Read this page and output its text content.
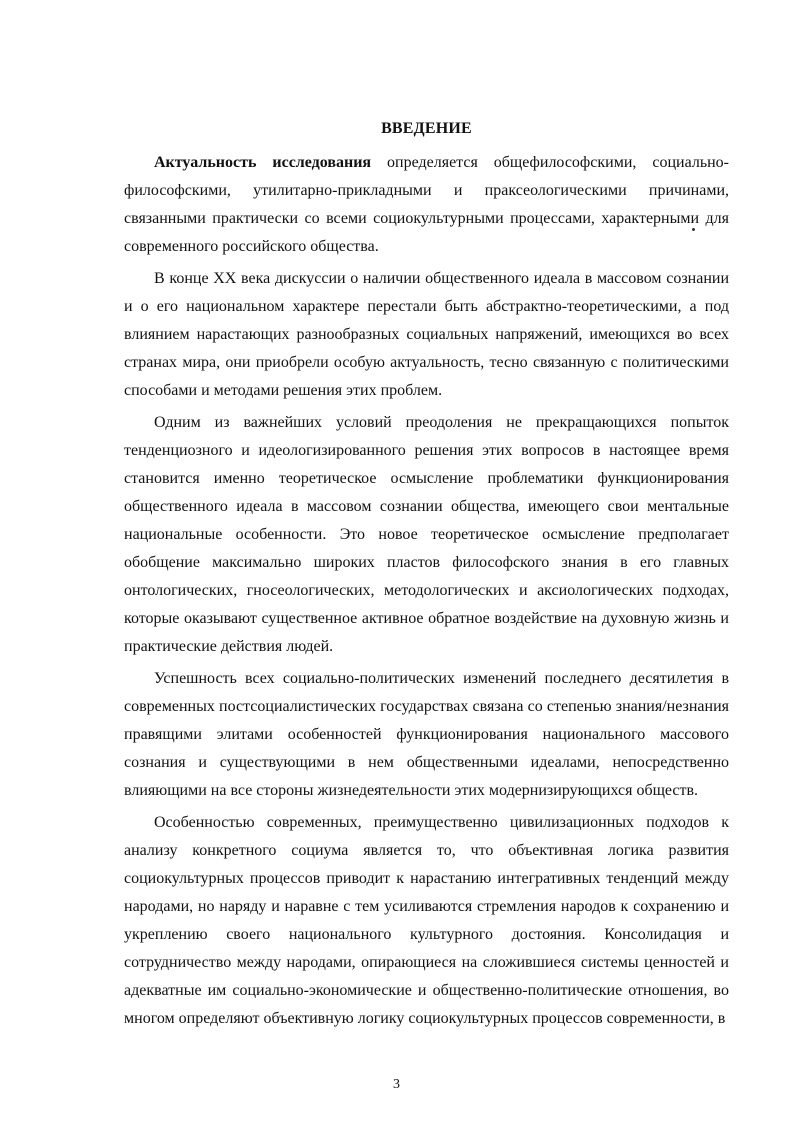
ВВЕДЕНИЕ

Актуальность исследования определяется общефилософскими, социально-философскими, утилитарно-прикладными и праксеологическими причинами, связанными практически со всеми социокультурными процессами, характерными для современного российского общества.

В конце XX века дискуссии о наличии общественного идеала в массовом сознании и о его национальном характере перестали быть абстрактно-теоретическими, а под влиянием нарастающих разнообразных социальных напряжений, имеющихся во всех странах мира, они приобрели особую актуальность, тесно связанную с политическими способами и методами решения этих проблем.

Одним из важнейших условий преодоления не прекращающихся попыток тенденциозного и идеологизированного решения этих вопросов в настоящее время становится именно теоретическое осмысление проблематики функционирования общественного идеала в массовом сознании общества, имеющего свои ментальные национальные особенности. Это новое теоретическое осмысление предполагает обобщение максимально широких пластов философского знания в его главных онтологических, гносеологических, методологических и аксиологических подходах, которые оказывают существенное активное обратное воздействие на духовную жизнь и практические действия людей.

Успешность всех социально-политических изменений последнего десятилетия в современных постсоциалистических государствах связана со степенью знания/незнания правящими элитами особенностей функционирования национального массового сознания и существующими в нем общественными идеалами, непосредственно влияющими на все стороны жизнедеятельности этих модернизирующихся обществ.

Особенностью современных, преимущественно цивилизационных подходов к анализу конкретного социума является то, что объективная логика развития социокультурных процессов приводит к нарастанию интегративных тенденций между народами, но наряду и наравне с тем усиливаются стремления народов к сохранению и укреплению своего национального культурного достояния. Консолидация и сотрудничество между народами, опирающиеся на сложившиеся системы ценностей и адекватные им социально-экономические и общественно-политические отношения, во многом определяют объективную логику социокультурных процессов современности, в

3
